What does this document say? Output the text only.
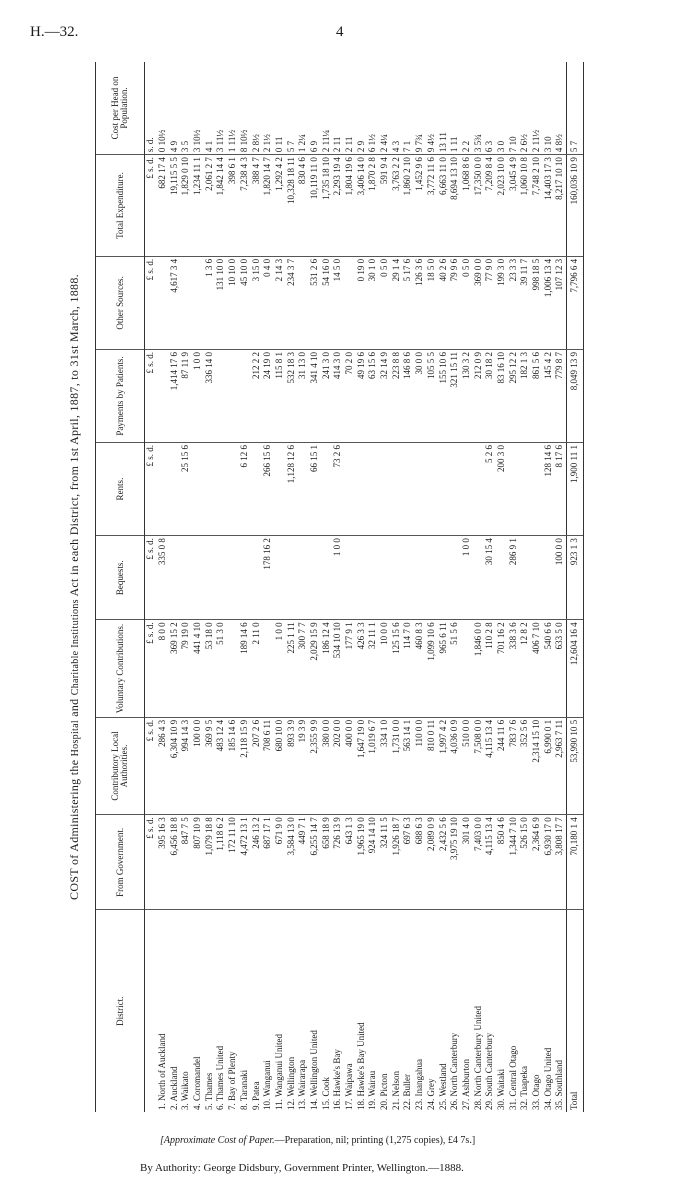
H.—32.	4
COST of Administering the Hospital and Charitable Institutions Act in each District, from 1st April, 1887, to 31st March, 1888.
District.	From Government.	Contributory Local Authorities.	Voluntary Contributions.	Bequests.	Rents.	Payments by Patients.	Other Sources.	Total Expenditure.	Cost per Head on Population.
	£ s. d.	£ s. d.	£ s. d.	£ s. d.	£ s. d.	£ s. d.	£ s. d.	£ s. d.	s. d.
1. North of Auckland	395 16 3	286 4 3	8 0 0	335 0 8				682 17 4	0 10½
2. Auckland	6,456 18 8	6,304 10 9	369 15 2			1,414 17 6	4,617 3 4	19,115 5 5	4 9
3. Waikato	847 7 5	994 14 3	79 19 0		25 15 6	87 11 9		1,829 0 10	3 5
4. Coromandel	807 10 9	100 0 0	441 4 10			1 0 0		1,234 11 1	3 10½
5. Thames	1,079 18 8	369 9 5	53 18 0			336 14 0	1 3 6	2,061 2 7	4 1
6. Thames United	1,118 6 2	483 12 4	51 3 0				131 10 0	1,842 14 4	3 11½
7. Bay of Plenty	172 11 10	185 14 6					10 10 0	398 6 1	1 11½
8. Taranaki	4,472 13 1	2,118 15 9	189 14 6		6 12 6		45 10 0	7,238 4 3	8 10½
9. Patea	246 13 2	207 2 6	2 11 0			212 2 2	3 15 0	388 4 7	2 8½
10. Wanganui	687 17 1	708 6 11		178 16 2	266 15 6	24 19 0	0 4 0	1,820 14 7	2 1½
11. Wanganui United	671 9 0	680 10 0	1 0 0			115 8 1	2 14 3	1,292 4 2	0 11
12. Wellington	3,584 13 0	893 3 9	225 1 11		1,128 12 6	532 18 3	234 3 7	10,328 18 11	5 7
13. Wairarapa	449 7 1	19 3 9	300 7 7			31 13 0		830 4 6	1 2¼
14. Wellington United	6,255 14 7	2,355 9 9	2,029 15 9		66 15 1	341 4 10	531 2 6	10,119 11 0	6 9
15. Cook	658 18 9	380 0 0	186 12 4			241 3 0	54 16 0	1,735 18 10	2 11¼
16. Hawke's Bay	726 13 9	202 0 0	534 10 10	1 0 0	73 2 6	414 3 0	14 5 0	2,293 19 4	2 11
17. Waipawa	643 1 3	400 0 0	177 9 1			70 2 0		1,804 19 6	2 11
18. Hawke's Bay United	1,965 19 0	1,647 19 0	426 3 3			49 19 6	0 19 0	3,406 14 0	2 9
19. Wairau	924 14 10	1,019 6 7	32 11 1			63 15 6	30 1 0	1,870 2 8	6 1½
20. Picton	324 11 5	334 1 0	10 0 0			32 14 9	0 5 0	591 9 4	2 4¼
21. Nelson	1,926 18 7	1,731 0 0	125 15 6			223 8 8	29 1 4	3,763 2 2	4 3
22. Buller	697 6 3	563 14 1	114 7 0			146 8 6	5 17 6	1,860 2 10	7 1
23. Inangahua	688 6 3	110 0 0	460 8 3			30 0 0	126 3 6	1,452 9 6	9 7¾
24. Grey	2,089 0 9	810 0 11	1,099 10 6			105 5 5	18 5 0	3,772 11 6	9 4½
25. Westland	2,432 5 6	1,997 4 2	965 6 11			155 10 6	40 2 6	6,663 11 0	13 11
26. North Canterbury	3,975 19 10	4,036 0 9	51 5 6			321 15 11	79 9 6	8,694 13 10	1 11
27. Ashburton	301 4 0	510 0 0		1 0 0		130 3 2	0 5 0	1,068 8 6	2 2
28. North Canterbury United	7,403 0 0	7,508 0 0	1,846 0 0			212 0 9	369 0 0	17,350 0 0	3 5¾
29. South Canterbury	4,115 13 4	4,115 13 4	110 2 8	30 15 4	5 2 6	30 18 2	77 9 0	7,209 8 4	6 3
30. Waitaki	850 4 6	244 11 6	701 16 2		200 3 0	83 16 10	199 3 0	2,023 10 0	3 0
31. Central Otago	1,344 7 10	783 7 6	338 3 6	286 9 1		295 12 2	23 3 3	3,045 4 9	7 10
32. Tuapeka	526 15 0	352 5 6	12 8 2			182 1 3	39 11 7	1,060 10 8	2 6½
33. Otago	2,364 6 9	2,314 15 10	406 7 10			861 5 6	998 18 5	7,748 2 10	2 11½
34. Otago United	6,930 17 0	6,990 0 1	540 6 6		128 14 6	145 4 2	1,006 13 4	14,403 17 3	3 10
35. Southland	3,808 17 7	2,963 7 11	633 5 0	100 0 0	8 17 6	779 8 7	107 12 3	8,217 10 10	4 8½
Total	70,180 1 4	53,990 10 5	12,604 16 4	923 1 3	1,900 11 1	8,049 13 9	7,796 6 4	160,036 10 9	5 7
[Approximate Cost of Paper.—Preparation, nil; printing (1,275 copies), £4 7s.]
By Authority: George Didsbury, Government Printer, Wellington.—1888.
